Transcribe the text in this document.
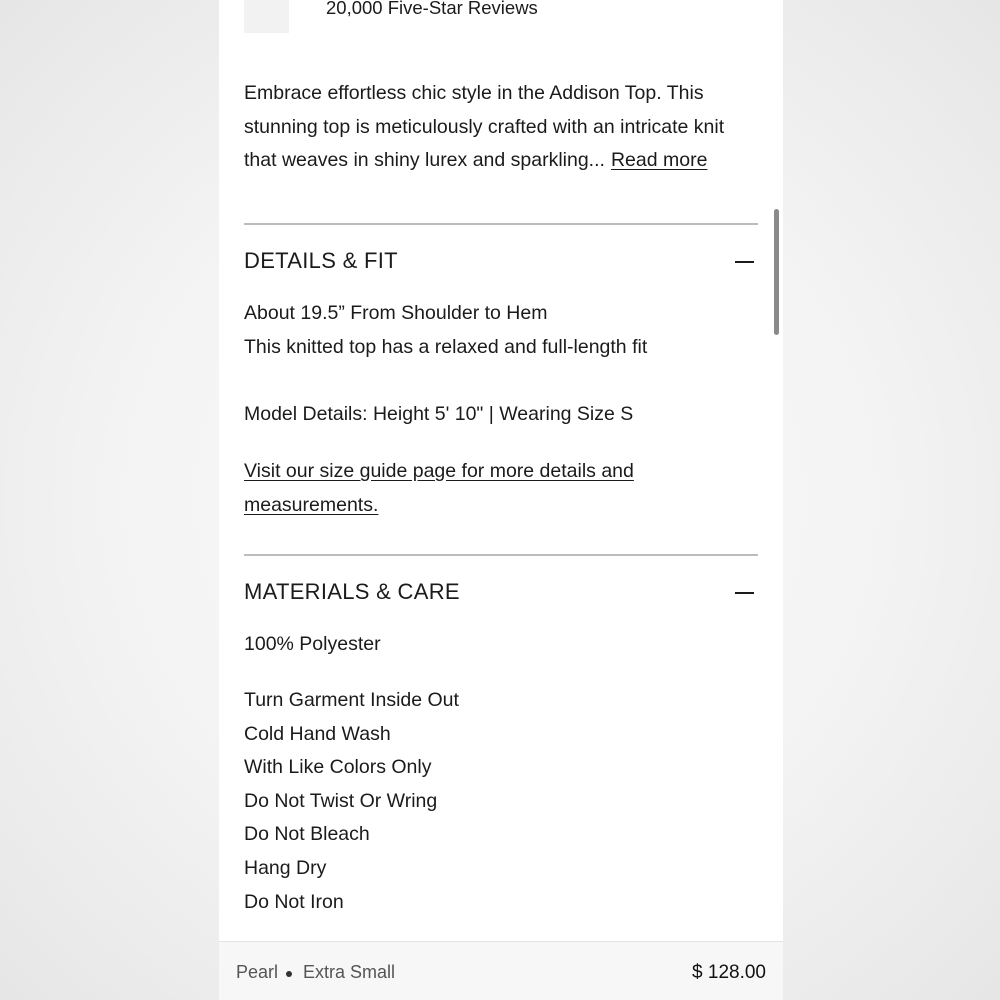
20,000 Five-Star Reviews
Embrace effortless chic style in the Addison Top. This stunning top is meticulously crafted with an intricate knit that weaves in shiny lurex and sparkling... Read more
DETAILS & FIT
About 19.5” From Shoulder to Hem
This knitted top has a relaxed and full-length fit
Model Details: Height 5' 10" | Wearing Size S
Visit our size guide page for more details and measurements.
MATERIALS & CARE
100% Polyester
Turn Garment Inside Out
Cold Hand Wash
With Like Colors Only
Do Not Twist Or Wring
Do Not Bleach
Hang Dry
Do Not Iron
Pearl Extra Small	$ 128.00
